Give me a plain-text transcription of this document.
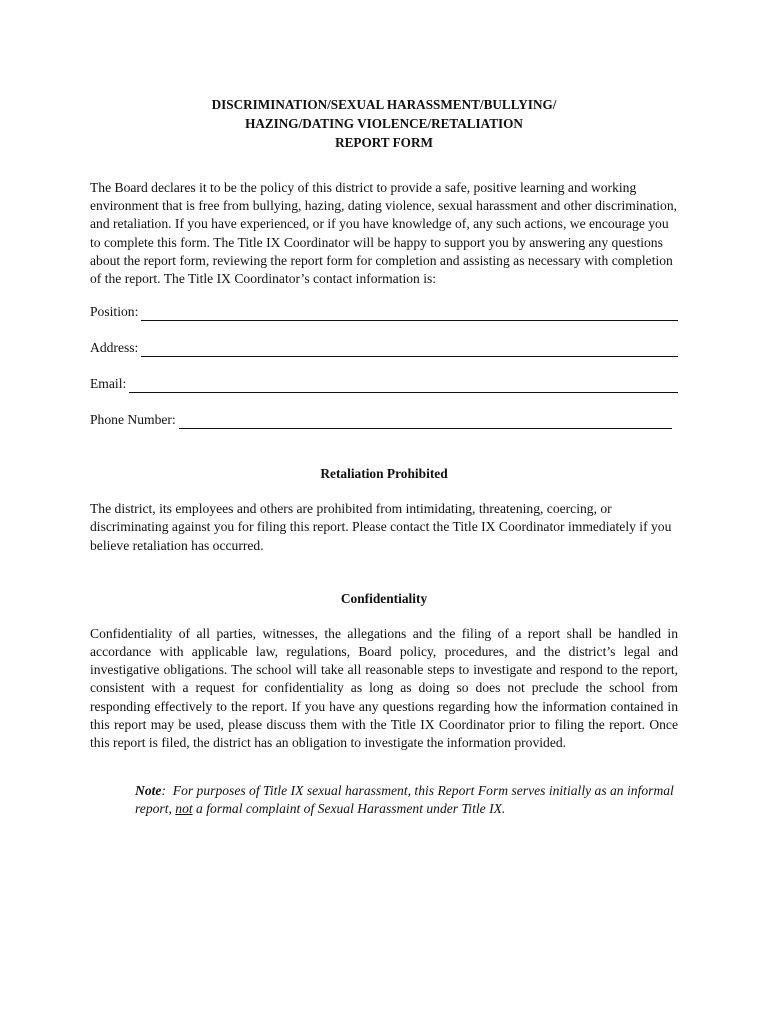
DISCRIMINATION/SEXUAL HARASSMENT/BULLYING/

HAZING/DATING VIOLENCE/RETALIATION

REPORT FORM

The Board declares it to be the policy of this district to provide a safe, positive learning and working environment that is free from bullying, hazing, dating violence, sexual harassment and other discrimination, and retaliation. If you have experienced, or if you have knowledge of, any such actions, we encourage you to complete this form. The Title IX Coordinator will be happy to support you by answering any questions about the report form, reviewing the report form for completion and assisting as necessary with completion of the report. The Title IX Coordinator’s contact information is:

Position:
Address:
Email:
Phone Number:

Retaliation Prohibited

The district, its employees and others are prohibited from intimidating, threatening, coercing, or discriminating against you for filing this report. Please contact the Title IX Coordinator immediately if you believe retaliation has occurred.

Confidentiality

Confidentiality of all parties, witnesses, the allegations and the filing of a report shall be handled in accordance with applicable law, regulations, Board policy, procedures, and the district’s legal and investigative obligations. The school will take all reasonable steps to investigate and respond to the report, consistent with a request for confidentiality as long as doing so does not preclude the school from responding effectively to the report. If you have any questions regarding how the information contained in this report may be used, please discuss them with the Title IX Coordinator prior to filing the report. Once this report is filed, the district has an obligation to investigate the information provided.

Note:  For purposes of Title IX sexual harassment, this Report Form serves initially as an informal report, not a formal complaint of Sexual Harassment under Title IX.
